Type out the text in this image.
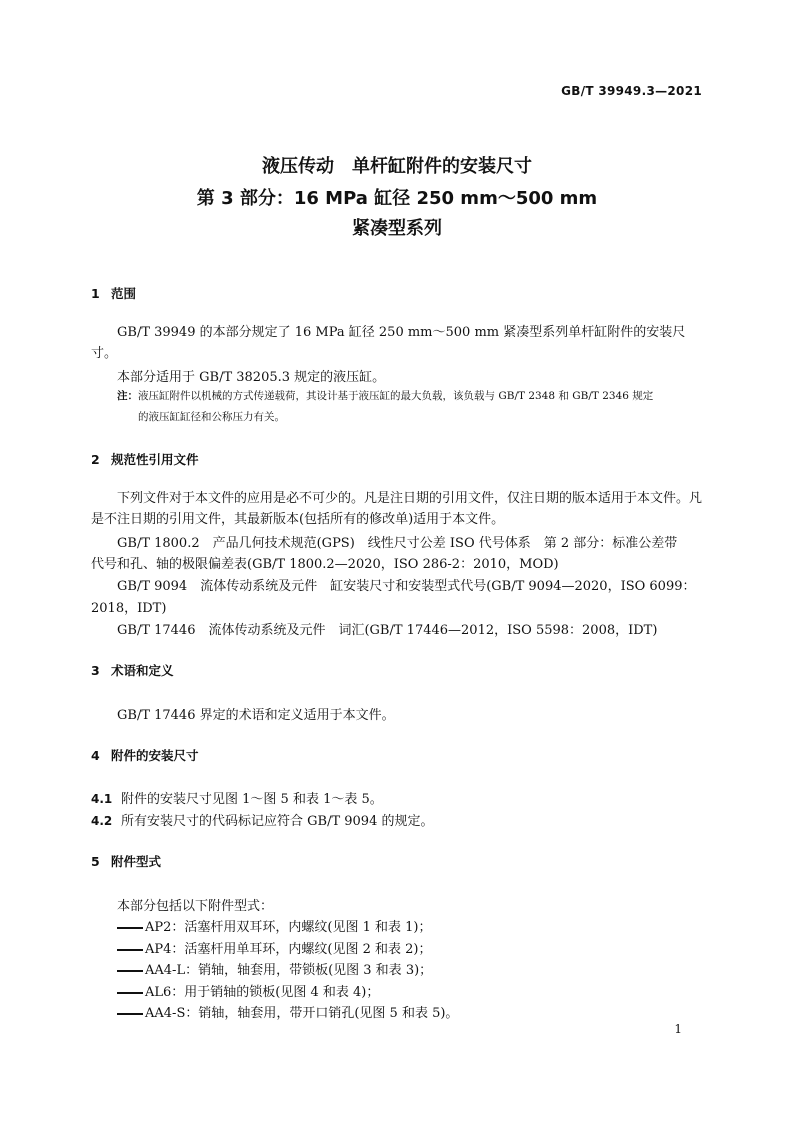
GB/T 39949.3—2021
液压传动　单杆缸附件的安装尺寸
第 3 部分：16 MPa 缸径 250 mm～500 mm
紧凑型系列
1 范围
GB/T 39949 的本部分规定了 16 MPa 缸径 250 mm～500 mm 紧凑型系列单杆缸附件的安装尺寸。
本部分适用于 GB/T 38205.3 规定的液压缸。
注：液压缸附件以机械的方式传递载荷，其设计基于液压缸的最大负载，该负载与 GB/T 2348 和 GB/T 2346 规定
的液压缸缸径和公称压力有关。
2 规范性引用文件
下列文件对于本文件的应用是必不可少的。凡是注日期的引用文件，仅注日期的版本适用于本文件。凡是不注日期的引用文件，其最新版本(包括所有的修改单)适用于本文件。
GB/T 1800.2　产品几何技术规范(GPS)　线性尺寸公差 ISO 代号体系　第 2 部分：标准公差带
代号和孔、轴的极限偏差表(GB/T 1800.2—2020，ISO 286-2：2010，MOD)
GB/T 9094　流体传动系统及元件　缸安装尺寸和安装型式代号(GB/T 9094—2020，ISO 6099：
2018，IDT)
GB/T 17446　流体传动系统及元件　词汇(GB/T 17446—2012，ISO 5598：2008，IDT)
3 术语和定义
GB/T 17446 界定的术语和定义适用于本文件。
4 附件的安装尺寸
4.1 附件的安装尺寸见图 1～图 5 和表 1～表 5。
4.2 所有安装尺寸的代码标记应符合 GB/T 9094 的规定。
5 附件型式
本部分包括以下附件型式：
AP2：活塞杆用双耳环，内螺纹(见图 1 和表 1)；
AP4：活塞杆用单耳环，内螺纹(见图 2 和表 2)；
AA4-L：销轴，轴套用，带锁板(见图 3 和表 3)；
AL6：用于销轴的锁板(见图 4 和表 4)；
AA4-S：销轴，轴套用，带开口销孔(见图 5 和表 5)。
1
